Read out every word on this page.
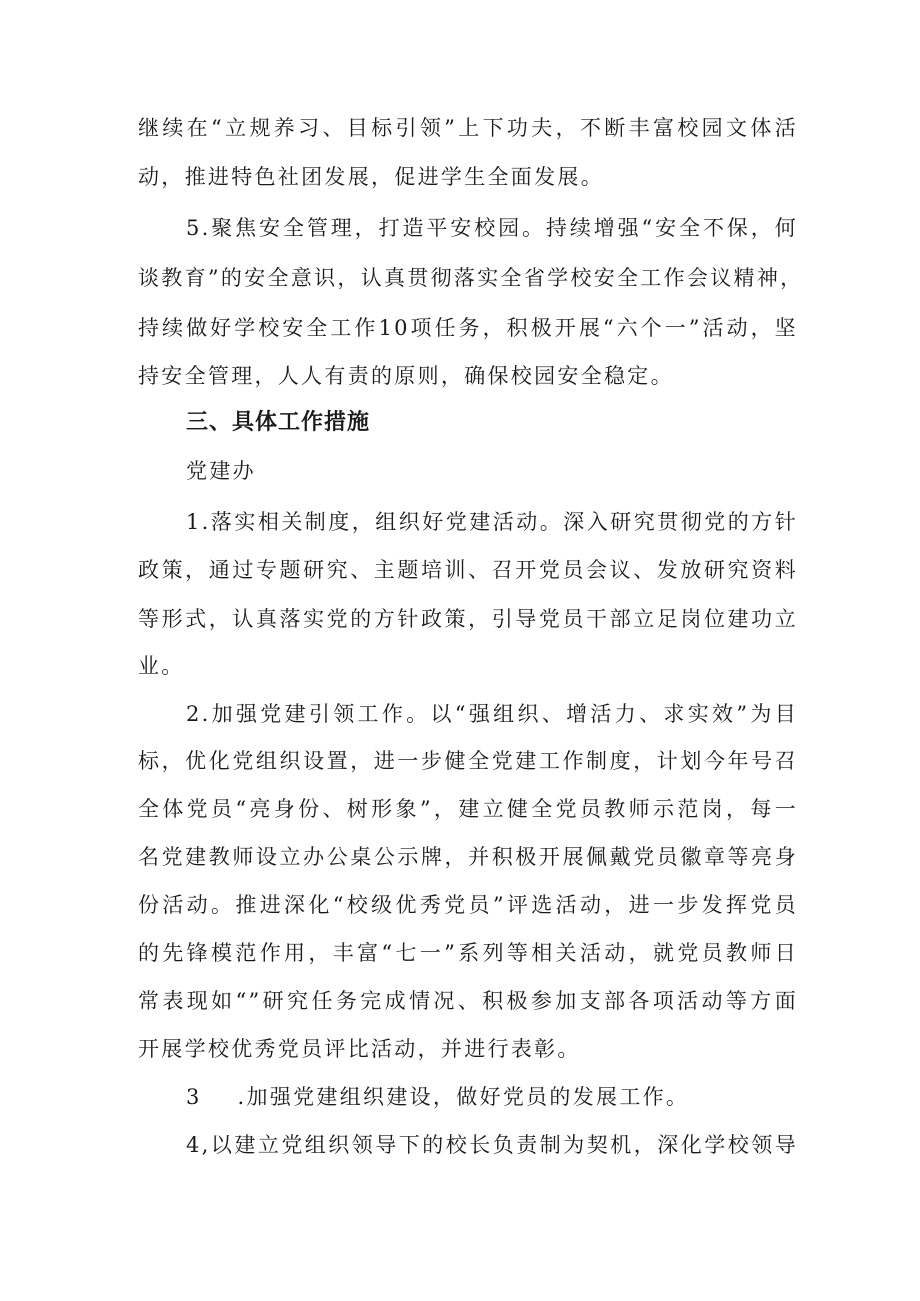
继续在“立规养习、目标引领”上下功夫，不断丰富校园文体活
动，推进特色社团发展，促进学生全面发展。
5.聚焦安全管理，打造平安校园。持续增强“安全不保，何
谈教育”的安全意识，认真贯彻落实全省学校安全工作会议精神，
持续做好学校安全工作10项任务，积极开展“六个一”活动，坚
持安全管理，人人有责的原则，确保校园安全稳定。
三、具体工作措施
党建办
1.落实相关制度，组织好党建活动。深入研究贯彻党的方针
政策，通过专题研究、主题培训、召开党员会议、发放研究资料
等形式，认真落实党的方针政策，引导党员干部立足岗位建功立
业。
2.加强党建引领工作。以“强组织、增活力、求实效”为目
标，优化党组织设置，进一步健全党建工作制度，计划今年号召
全体党员“亮身份、树形象”，建立健全党员教师示范岗，每一
名党建教师设立办公桌公示牌，并积极开展佩戴党员徽章等亮身
份活动。推进深化“校级优秀党员”评选活动，进一步发挥党员
的先锋模范作用，丰富“七一”系列等相关活动，就党员教师日
常表现如“”研究任务完成情况、积极参加支部各项活动等方面
开展学校优秀党员评比活动，并进行表彰。
3    .加强党建组织建设，做好党员的发展工作。
4,以建立党组织领导下的校长负责制为契机，深化学校领导
